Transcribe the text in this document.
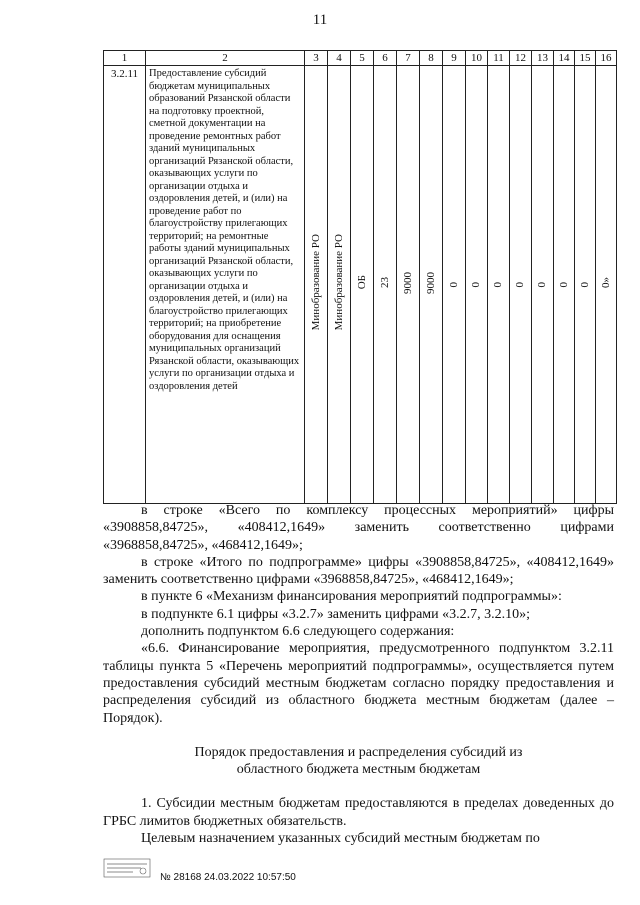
11
1	2	3	4	5	6	7	8	9	10	11	12	13	14	15	16
3.2.11	Предоставление субсидий бюджетам муниципальных образований Рязанской области на подготовку проектной, сметной документации на проведение ремонтных работ зданий муниципальных организаций Рязанской области, оказывающих услуги по организации отдыха и оздоровления детей, и (или) на проведение работ по благоустройству прилегающих территорий; на ремонтные работы зданий муниципальных организаций Рязанской области, оказывающих услуги по организации отдыха и оздоровления детей, и (или) на благоустройство прилегающих территорий; на приобретение оборудования для оснащения муниципальных организаций Рязанской области, оказывающих услуги по организации отдыха и оздоровления детей	Минобразование РО	Минобразование РО	ОБ	23	9000	9000	0	0	0	0	0	0	0	0»

в строке «Всего по комплексу процессных мероприятий» цифры «3908858,84725», «408412,1649» заменить соответственно цифрами «3968858,84725», «468412,1649»;

в строке «Итого по подпрограмме» цифры «3908858,84725», «408412,1649» заменить соответственно цифрами «3968858,84725», «468412,1649»;

в пункте 6 «Механизм финансирования мероприятий подпрограммы»:

в подпункте 6.1 цифры «3.2.7» заменить цифрами «3.2.7, 3.2.10»;

дополнить подпунктом 6.6 следующего содержания:

«6.6. Финансирование мероприятия, предусмотренного подпунктом 3.2.11 таблицы пункта 5 «Перечень мероприятий подпрограммы», осуществляется путем предоставления субсидий местным бюджетам согласно порядку предоставления и распределения субсидий из областного бюджета местным бюджетам (далее – Порядок).

Порядок предоставления и распределения субсидий из

областного бюджета местным бюджетам

1. Субсидии местным бюджетам предоставляются в пределах доведенных до ГРБС лимитов бюджетных обязательств.

Целевым назначением указанных субсидий местным бюджетам по

№ 28168 24.03.2022 10:57:50
